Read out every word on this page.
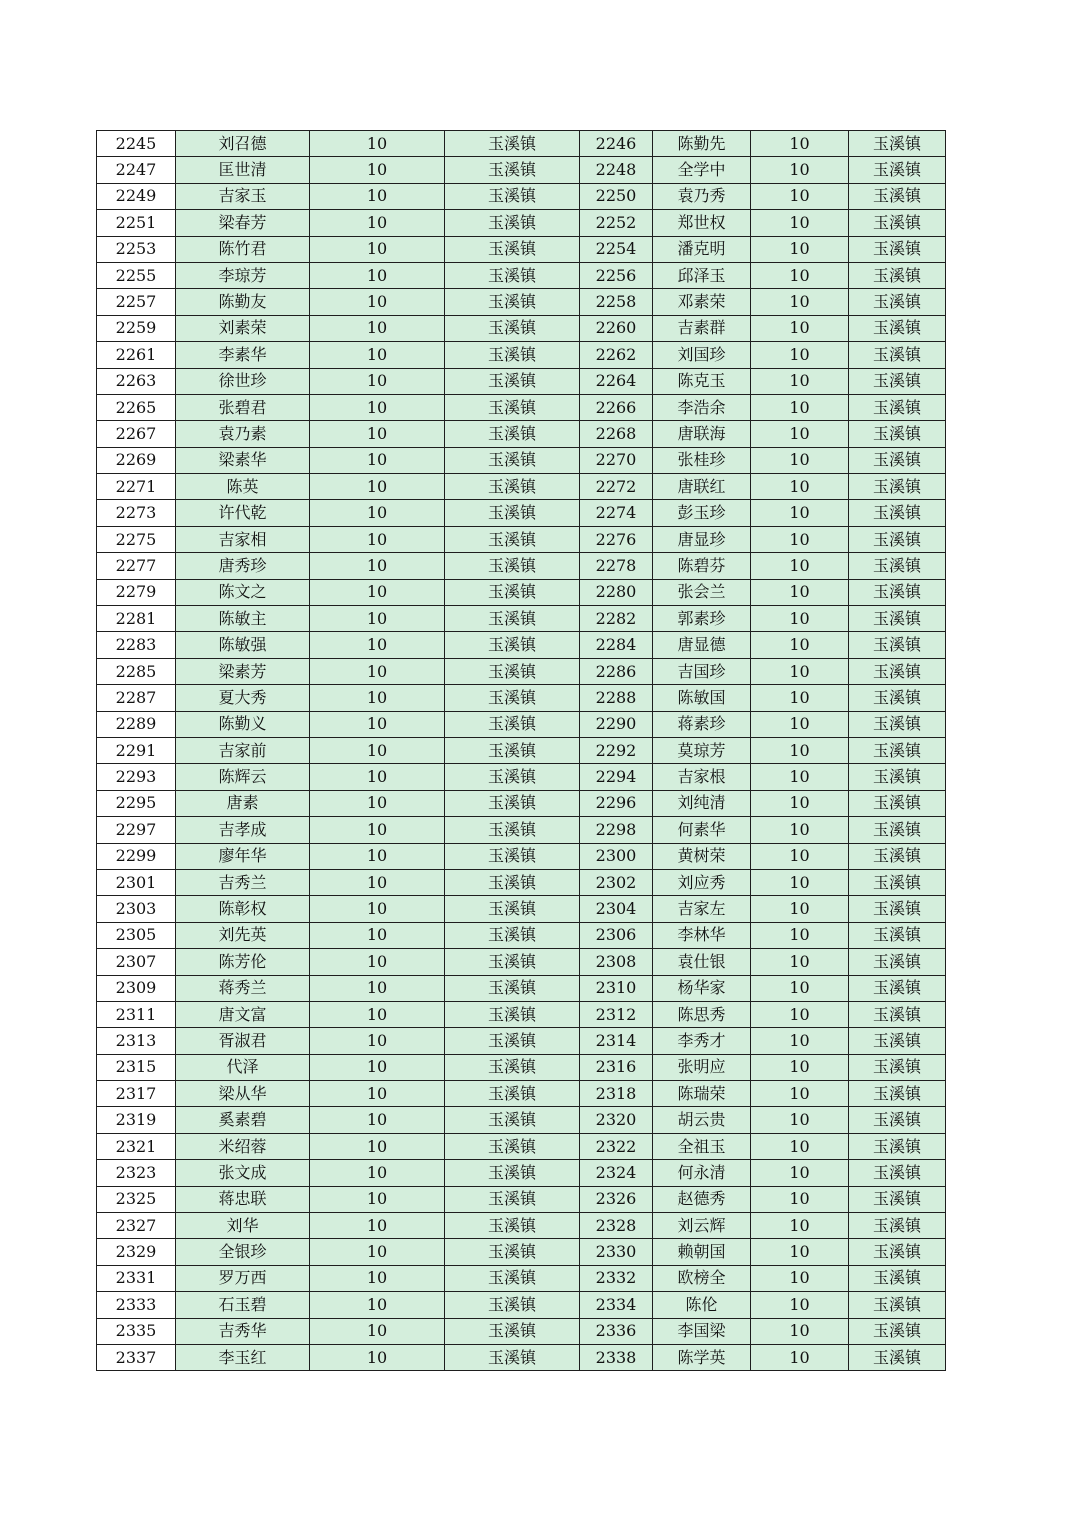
2245	刘召德	10	玉溪镇	2246	陈勤先	10	玉溪镇
2247	匡世清	10	玉溪镇	2248	全学中	10	玉溪镇
2249	吉家玉	10	玉溪镇	2250	袁乃秀	10	玉溪镇
2251	梁春芳	10	玉溪镇	2252	郑世权	10	玉溪镇
2253	陈竹君	10	玉溪镇	2254	潘克明	10	玉溪镇
2255	李琼芳	10	玉溪镇	2256	邱泽玉	10	玉溪镇
2257	陈勤友	10	玉溪镇	2258	邓素荣	10	玉溪镇
2259	刘素荣	10	玉溪镇	2260	吉素群	10	玉溪镇
2261	李素华	10	玉溪镇	2262	刘国珍	10	玉溪镇
2263	徐世珍	10	玉溪镇	2264	陈克玉	10	玉溪镇
2265	张碧君	10	玉溪镇	2266	李浩余	10	玉溪镇
2267	袁乃素	10	玉溪镇	2268	唐联海	10	玉溪镇
2269	梁素华	10	玉溪镇	2270	张桂珍	10	玉溪镇
2271	陈英	10	玉溪镇	2272	唐联红	10	玉溪镇
2273	许代乾	10	玉溪镇	2274	彭玉珍	10	玉溪镇
2275	吉家相	10	玉溪镇	2276	唐显珍	10	玉溪镇
2277	唐秀珍	10	玉溪镇	2278	陈碧芬	10	玉溪镇
2279	陈文之	10	玉溪镇	2280	张会兰	10	玉溪镇
2281	陈敏主	10	玉溪镇	2282	郭素珍	10	玉溪镇
2283	陈敏强	10	玉溪镇	2284	唐显德	10	玉溪镇
2285	梁素芳	10	玉溪镇	2286	吉国珍	10	玉溪镇
2287	夏大秀	10	玉溪镇	2288	陈敏国	10	玉溪镇
2289	陈勤义	10	玉溪镇	2290	蒋素珍	10	玉溪镇
2291	吉家前	10	玉溪镇	2292	莫琼芳	10	玉溪镇
2293	陈辉云	10	玉溪镇	2294	吉家根	10	玉溪镇
2295	唐素	10	玉溪镇	2296	刘纯清	10	玉溪镇
2297	吉孝成	10	玉溪镇	2298	何素华	10	玉溪镇
2299	廖年华	10	玉溪镇	2300	黄树荣	10	玉溪镇
2301	吉秀兰	10	玉溪镇	2302	刘应秀	10	玉溪镇
2303	陈彰权	10	玉溪镇	2304	吉家左	10	玉溪镇
2305	刘先英	10	玉溪镇	2306	李林华	10	玉溪镇
2307	陈芳伦	10	玉溪镇	2308	袁仕银	10	玉溪镇
2309	蒋秀兰	10	玉溪镇	2310	杨华家	10	玉溪镇
2311	唐文富	10	玉溪镇	2312	陈思秀	10	玉溪镇
2313	胥淑君	10	玉溪镇	2314	李秀才	10	玉溪镇
2315	代泽	10	玉溪镇	2316	张明应	10	玉溪镇
2317	梁从华	10	玉溪镇	2318	陈瑞荣	10	玉溪镇
2319	奚素碧	10	玉溪镇	2320	胡云贵	10	玉溪镇
2321	米绍蓉	10	玉溪镇	2322	全祖玉	10	玉溪镇
2323	张文成	10	玉溪镇	2324	何永清	10	玉溪镇
2325	蒋忠联	10	玉溪镇	2326	赵德秀	10	玉溪镇
2327	刘华	10	玉溪镇	2328	刘云辉	10	玉溪镇
2329	全银珍	10	玉溪镇	2330	赖朝国	10	玉溪镇
2331	罗万西	10	玉溪镇	2332	欧榜全	10	玉溪镇
2333	石玉碧	10	玉溪镇	2334	陈伦	10	玉溪镇
2335	吉秀华	10	玉溪镇	2336	李国梁	10	玉溪镇
2337	李玉红	10	玉溪镇	2338	陈学英	10	玉溪镇
